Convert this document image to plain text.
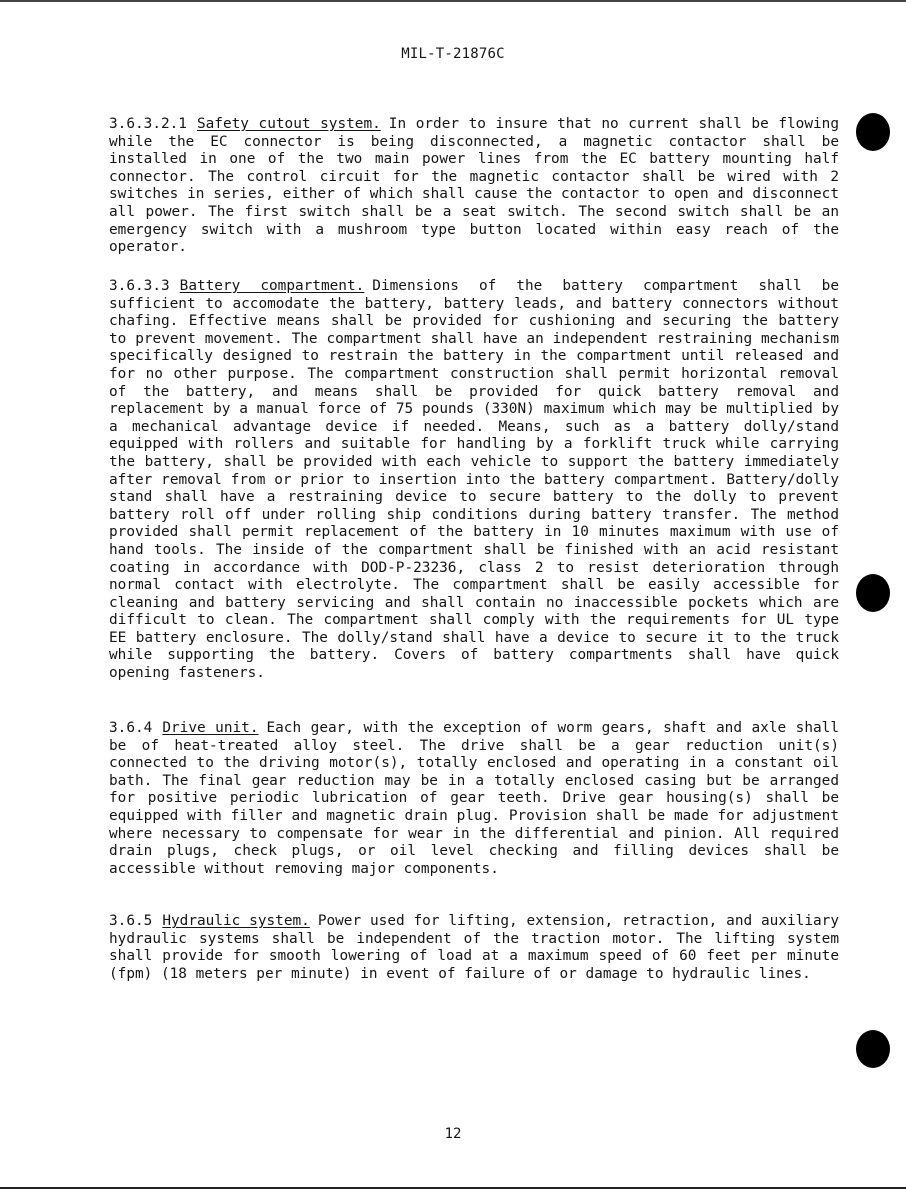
MIL-T-21876C
3.6.3.2.1 Safety cutout system. In order to insure that no current shall be flowing while the EC connector is being disconnected, a magnetic contactor shall be installed in one of the two main power lines from the EC battery mounting half connector. The control circuit for the magnetic contactor shall be wired with 2 switches in series, either of which shall cause the contactor to open and disconnect all power. The first switch shall be a seat switch. The second switch shall be an emergency switch with a mushroom type button located within easy reach of the operator.
3.6.3.3 Battery compartment. Dimensions of the battery compartment shall be sufficient to accomodate the battery, battery leads, and battery connectors without chafing. Effective means shall be provided for cushioning and securing the battery to prevent movement. The compartment shall have an independent restraining mechanism specifically designed to restrain the battery in the compartment until released and for no other purpose. The compartment construction shall permit horizontal removal of the battery, and means shall be provided for quick battery removal and replacement by a manual force of 75 pounds (330N) maximum which may be multiplied by a mechanical advantage device if needed. Means, such as a battery dolly/stand equipped with rollers and suitable for handling by a forklift truck while carrying the battery, shall be provided with each vehicle to support the battery immediately after removal from or prior to insertion into the battery compartment. Battery/dolly stand shall have a restraining device to secure battery to the dolly to prevent battery roll off under rolling ship conditions during battery transfer. The method provided shall permit replacement of the battery in 10 minutes maximum with use of hand tools. The inside of the compartment shall be finished with an acid resistant coating in accordance with DOD-P-23236, class 2 to resist deterioration through normal contact with electrolyte. The compartment shall be easily accessible for cleaning and battery servicing and shall contain no inaccessible pockets which are difficult to clean. The compartment shall comply with the requirements for UL type EE battery enclosure. The dolly/stand shall have a device to secure it to the truck while supporting the battery. Covers of battery compartments shall have quick opening fasteners.
3.6.4 Drive unit. Each gear, with the exception of worm gears, shaft and axle shall be of heat-treated alloy steel. The drive shall be a gear reduction unit(s) connected to the driving motor(s), totally enclosed and operating in a constant oil bath. The final gear reduction may be in a totally enclosed casing but be arranged for positive periodic lubrication of gear teeth. Drive gear housing(s) shall be equipped with filler and magnetic drain plug. Provision shall be made for adjustment where necessary to compensate for wear in the differential and pinion. All required drain plugs, check plugs, or oil level checking and filling devices shall be accessible without removing major components.
3.6.5 Hydraulic system. Power used for lifting, extension, retraction, and auxiliary hydraulic systems shall be independent of the traction motor. The lifting system shall provide for smooth lowering of load at a maximum speed of 60 feet per minute (fpm) (18 meters per minute) in event of failure of or damage to hydraulic lines.
12
